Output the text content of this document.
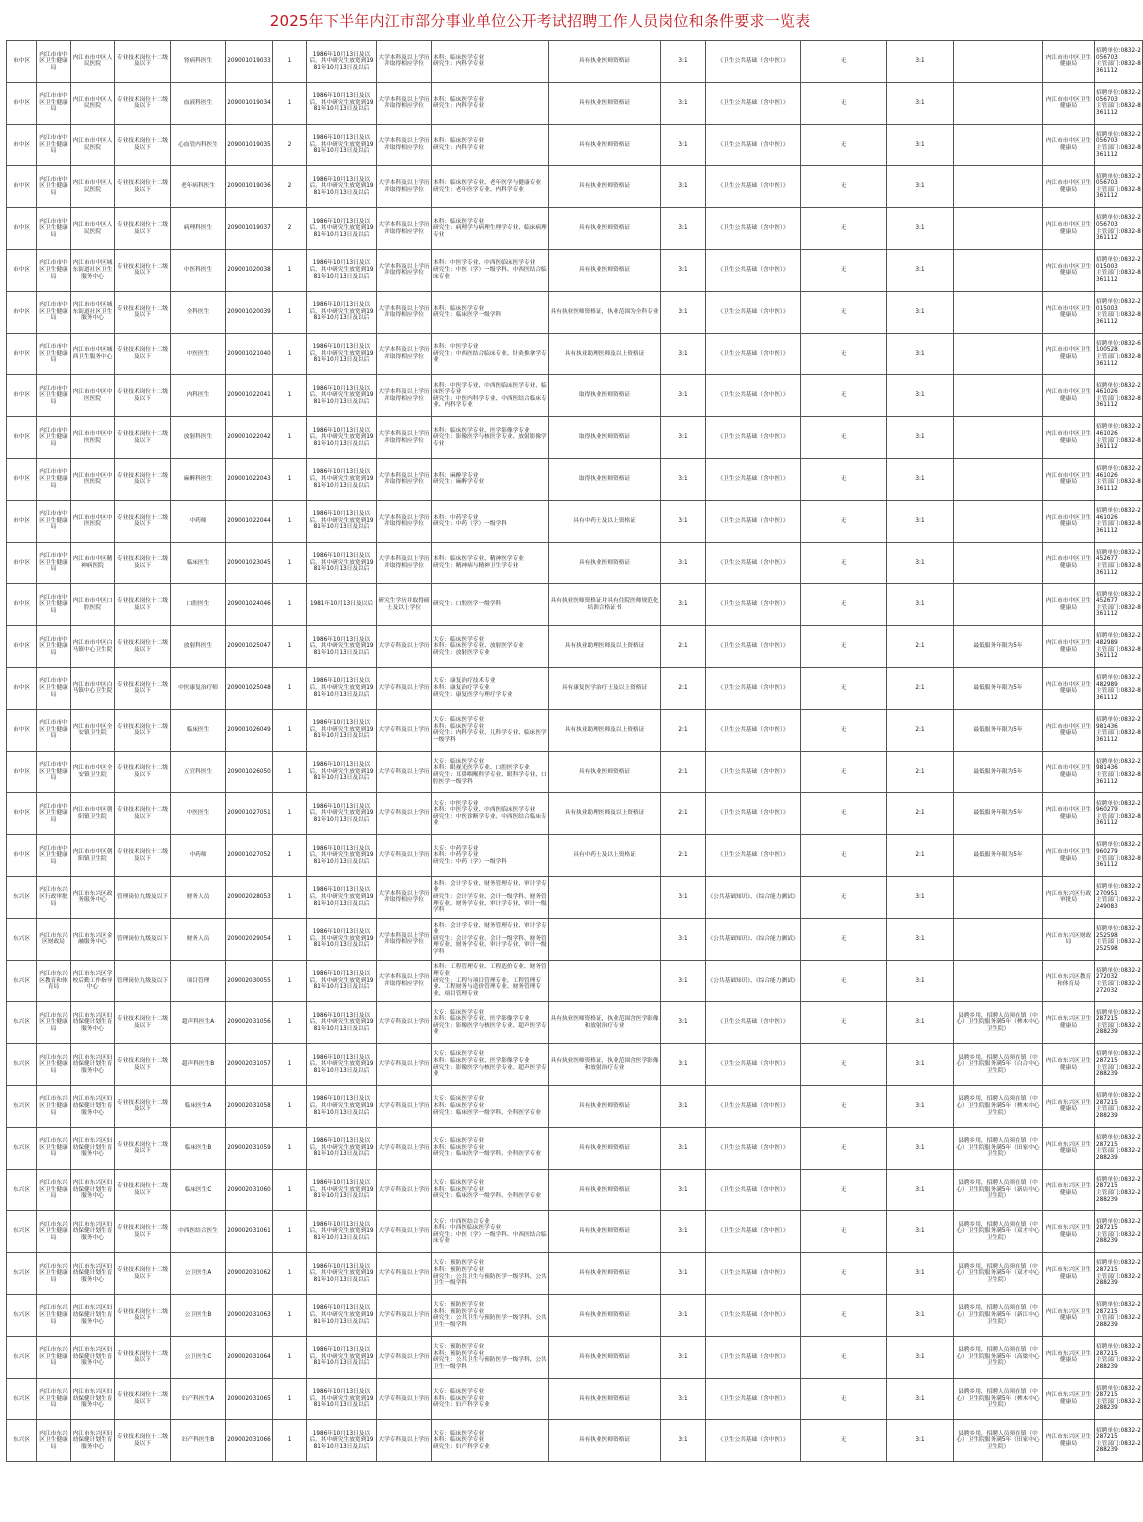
2025年下半年内江市部分事业单位公开考试招聘工作人员岗位和条件要求一览表
市中区	内江市市中区卫生健康局	内江市市中区人民医院	专业技术岗位十二级及以下	肾病科医生	209001019033	1	1986年10月13日及以后，其中研究生放宽到1981年10月13日及以后	大学本科及以上学历并取得相应学位	本科：临床医学专业
研究生：内科学专业	具有执业医师资格证	3:1	《卫生公共基础（含中医）》	无	3:1		内江市市中区卫生健康局	招聘单位:0832-2056703
主管部门:0832-8361112
市中区	内江市市中区卫生健康局	内江市市中区人民医院	专业技术岗位十二级及以下	血液科医生	209001019034	1	1986年10月13日及以后，其中研究生放宽到1981年10月13日及以后	大学本科及以上学历并取得相应学位	本科：临床医学专业
研究生：内科学专业	具有执业医师资格证	3:1	《卫生公共基础（含中医）》	无	3:1		内江市市中区卫生健康局	招聘单位:0832-2056703
主管部门:0832-8361112
市中区	内江市市中区卫生健康局	内江市市中区人民医院	专业技术岗位十二级及以下	心血管内科医生	209001019035	2	1986年10月13日及以后，其中研究生放宽到1981年10月13日及以后	大学本科及以上学历并取得相应学位	本科：临床医学专业
研究生：内科学专业	具有执业医师资格证	3:1	《卫生公共基础（含中医）》	无	3:1		内江市市中区卫生健康局	招聘单位:0832-2056703
主管部门:0832-8361112
市中区	内江市市中区卫生健康局	内江市市中区人民医院	专业技术岗位十二级及以下	老年病科医生	209001019036	2	1986年10月13日及以后，其中研究生放宽到1981年10月13日及以后	大学本科及以上学历并取得相应学位	本科：临床医学专业、老年医学与健康专业
研究生：老年医学专业、内科学专业	具有执业医师资格证	3:1	《卫生公共基础（含中医）》	无	3:1		内江市市中区卫生健康局	招聘单位:0832-2056703
主管部门:0832-8361112
市中区	内江市市中区卫生健康局	内江市市中区人民医院	专业技术岗位十二级及以下	病理科医生	209001019037	2	1986年10月13日及以后，其中研究生放宽到1981年10月13日及以后	大学本科及以上学历并取得相应学位	本科：临床医学专业
研究生：病理学与病理生理学专业、临床病理专业	具有执业医师资格证	3:1	《卫生公共基础（含中医）》	无	3:1		内江市市中区卫生健康局	招聘单位:0832-2056703
主管部门:0832-8361112
市中区	内江市市中区卫生健康局	内江市市中区城东街道社区卫生服务中心	专业技术岗位十二级及以下	中医科医生	209001020038	1	1986年10月13日及以后，其中研究生放宽到1981年10月13日及以后	大学本科及以上学历并取得相应学位	本科：中医学专业、中西医临床医学专业
研究生：中医（学）一级学科、中西医结合临床专业	具有执业医师资格证	3:1	《卫生公共基础（含中医）》	无	3:1		内江市市中区卫生健康局	招聘单位:0832-2015003
主管部门:0832-8361112
市中区	内江市市中区卫生健康局	内江市市中区城东街道社区卫生服务中心	专业技术岗位十二级及以下	全科医生	209001020039	1	1986年10月13日及以后，其中研究生放宽到1981年10月13日及以后	大学本科及以上学历并取得相应学位	本科：临床医学专业
研究生：临床医学一级学科	具有执业医师资格证，执业范围为全科专业	3:1	《卫生公共基础（含中医）》	无	3:1		内江市市中区卫生健康局	招聘单位:0832-2015003
主管部门:0832-8361112
市中区	内江市市中区卫生健康局	内江市市中区城西卫生服务中心	专业技术岗位十二级及以下	中医医生	209001021040	1	1986年10月13日及以后，其中研究生放宽到1981年10月13日及以后	大学本科及以上学历并取得相应学位	本科：中医学专业
研究生：中西医结合临床专业、针灸推拿学专业	具有执业助理医师及以上资格证	3:1	《卫生公共基础（含中医）》	无	3:1		内江市市中区卫生健康局	招聘单位:0832-6100528
主管部门:0832-8361112
市中区	内江市市中区卫生健康局	内江市市中区中医医院	专业技术岗位十二级及以下	内科医生	209001022041	1	1986年10月13日及以后，其中研究生放宽到1981年10月13日及以后	大学本科及以上学历并取得相应学位	本科：中医学专业、中西医临床医学专业、临床医学专业
研究生：中医内科学专业、中西医结合临床专业、内科学专业	取得执业医师资格证	3:1	《卫生公共基础（含中医）》	无	3:1		内江市市中区卫生健康局	招聘单位:0832-2461026
主管部门:0832-8361112
市中区	内江市市中区卫生健康局	内江市市中区中医医院	专业技术岗位十二级及以下	放射科医生	209001022042	1	1986年10月13日及以后，其中研究生放宽到1981年10月13日及以后	大学本科及以上学历并取得相应学位	本科：临床医学专业、医学影像学专业
研究生：影像医学与核医学专业、放射影像学专业	取得执业医师资格证	3:1	《卫生公共基础（含中医）》	无	3:1		内江市市中区卫生健康局	招聘单位:0832-2461026
主管部门:0832-8361112
市中区	内江市市中区卫生健康局	内江市市中区中医医院	专业技术岗位十二级及以下	麻醉科医生	209001022043	1	1986年10月13日及以后，其中研究生放宽到1981年10月13日及以后	大学本科及以上学历并取得相应学位	本科：麻醉学专业
研究生：麻醉学专业	取得执业医师资格证	3:1	《卫生公共基础（含中医）》	无	3:1		内江市市中区卫生健康局	招聘单位:0832-2461026
主管部门:0832-8361112
市中区	内江市市中区卫生健康局	内江市市中区中医医院	专业技术岗位十二级及以下	中药师	209001022044	1	1986年10月13日及以后，其中研究生放宽到1981年10月13日及以后	大学本科及以上学历并取得相应学位	本科：中药学专业
研究生：中药（学）一级学科	具有中药士及以上资格证	3:1	《卫生公共基础（含中医）》	无	3:1		内江市市中区卫生健康局	招聘单位:0832-2461026
主管部门:0832-8361112
市中区	内江市市中区卫生健康局	内江市市中区精神病医院	专业技术岗位十二级及以下	临床医生	209001023045	1	1986年10月13日及以后，其中研究生放宽到1981年10月13日及以后	大学本科及以上学历并取得相应学位	本科：临床医学专业、精神医学专业
研究生：精神病与精神卫生学专业	具有执业医师资格证	3:1	《卫生公共基础（含中医）》	无	3:1		内江市市中区卫生健康局	招聘单位:0832-2452677
主管部门:0832-8361112
市中区	内江市市中区卫生健康局	内江市市中区口腔医院	专业技术岗位十二级及以下	口腔医生	209001024046	1	1981年10月13日及以后	研究生学历并取得硕士及以上学位	研究生：口腔医学一级学科	具有执业医师资格证并具有住院医师规范化培训合格证书	3:1	《卫生公共基础（含中医）》	无	3:1		内江市市中区卫生健康局	招聘单位:0832-2452677
主管部门:0832-8361112
市中区	内江市市中区卫生健康局	内江市市中区白马镇中心卫生院	专业技术岗位十二级及以下	放射科医生	209001025047	1	1986年10月13日及以后，其中研究生放宽到1981年10月13日及以后	大学专科及以上学历	大专：临床医学专业
本科：临床医学专业、放射医学专业
研究生：放射医学专业	具有执业助理医师及以上资格证	2:1	《卫生公共基础（含中医）》	无	2:1	最低服务年限为5年	内江市市中区卫生健康局	招聘单位:0832-2482989
主管部门:0832-8361112
市中区	内江市市中区卫生健康局	内江市市中区白马镇中心卫生院	专业技术岗位十二级及以下	中医康复治疗师	209001025048	1	1986年10月13日及以后，其中研究生放宽到1981年10月13日及以后	大学专科及以上学历	大专：康复治疗技术专业
本科：康复治疗学专业
研究生：康复医学与理疗学专业	具有康复医学治疗士及以上资格证	2:1	《卫生公共基础（含中医）》	无	2:1	最低服务年限为5年	内江市市中区卫生健康局	招聘单位:0832-2482989
主管部门:0832-8361112
市中区	内江市市中区卫生健康局	内江市市中区全安镇卫生院	专业技术岗位十二级及以下	临床医生	209001026049	1	1986年10月13日及以后，其中研究生放宽到1981年10月13日及以后	大学专科及以上学历	大专：临床医学专业
本科：临床医学专业
研究生：内科学专业、儿科学专业、临床医学一级学科	具有执业助理医师及以上资格证	2:1	《卫生公共基础（含中医）》	无	2:1	最低服务年限为5年	内江市市中区卫生健康局	招聘单位:0832-2981436
主管部门:0832-8361112
市中区	内江市市中区卫生健康局	内江市市中区全安镇卫生院	专业技术岗位十二级及以下	五官科医生	209001026050	1	1986年10月13日及以后，其中研究生放宽到1981年10月13日及以后	大学专科及以上学历	大专：临床医学专业
本科：眼视光医学专业、口腔医学专业
研究生：耳鼻咽喉科学专业、眼科学专业、口腔医学一级学科	具有执业医师资格证	2:1	《卫生公共基础（含中医）》	无	2:1	最低服务年限为5年	内江市市中区卫生健康局	招聘单位:0832-2981436
主管部门:0832-8361112
市中区	内江市市中区卫生健康局	内江市市中区朝阳镇卫生院	专业技术岗位十二级及以下	中医医生	209001027051	1	1986年10月13日及以后，其中研究生放宽到1981年10月13日及以后	大学专科及以上学历	大专：中医学专业
本科：中医学专业、中西医临床医学专业
研究生：中医诊断学专业、中西医结合临床专业	具有执业助理医师及以上资格证	2:1	《卫生公共基础（含中医）》	无	2:1	最低服务年限为5年	内江市市中区卫生健康局	招聘单位:0832-2960279
主管部门:0832-8361112
市中区	内江市市中区卫生健康局	内江市市中区朝阳镇卫生院	专业技术岗位十二级及以下	中药师	209001027052	1	1986年10月13日及以后，其中研究生放宽到1981年10月13日及以后	大学专科及以上学历	大专：中药学专业
本科：中药学专业
研究生：中药（学）一级学科	具有中药士及以上资格证	2:1	《卫生公共基础（含中医）》	无	2:1	最低服务年限为5年	内江市市中区卫生健康局	招聘单位:0832-2960279
主管部门:0832-8361112
东兴区	内江市东兴区行政审批局	内江市东兴区政务服务中心	管理岗位九级及以下	财务人员	209002028053	1	1986年10月13日及以后，其中研究生放宽到1981年10月13日及以后	大学本科及以上学历并取得相应学位	本科：会计学专业、财务管理专业、审计学专业
研究生：会计学专业、会计一级学科、财务管理专业、财务学专业、审计学专业、审计一级学科		3:1	《公共基础知识》、《综合能力测试》	无	3:1		内江市东兴区行政审批局	招聘单位:0832-2270951
主管部门:0832-2249083
东兴区	内江市东兴区财政局	内江市东兴区金融服务中心	管理岗位九级及以下	财务人员	209002029054	1	1986年10月13日及以后，其中研究生放宽到1981年10月13日及以后	大学本科及以上学历并取得相应学位	本科：会计学专业、财务管理专业、审计学专业
研究生：会计学专业、会计一级学科、财务管理专业、财务学专业、审计学专业、审计一级学科		3:1	《公共基础知识》、《综合能力测试》	无	3:1		内江市东兴区财政局	招聘单位:0832-2252598
主管部门:0832-2252598
东兴区	内江市东兴区教育和体育局	内江市东兴区学校后勤工作指导中心	管理岗位九级及以下	项目管理	209002030055	1	1986年10月13日及以后，其中研究生放宽到1981年10月13日及以后	大学本科及以上学历并取得相应学位	本科：工程管理专业、工程造价专业、财务管理专业
研究生：工程与项目管理专业、工程管理专业、工程财务与造价管理专业、财务管理专业、项目管理专业		3:1	《公共基础知识》、《综合能力测试》	无	3:1		内江市东兴区教育和体育局	招聘单位:0832-2272032
主管部门:0832-2272032
东兴区	内江市东兴区卫生健康局	内江市东兴区妇幼保健计划生育服务中心	专业技术岗位十二级及以下	超声科医生A	209002031056	1	1986年10月13日及以后，其中研究生放宽到1981年10月13日及以后	大学专科及以上学历	大专：临床医学专业
本科：临床医学专业、医学影像学专业
研究生：影像医学与核医学专业、超声医学专业	具有执业医师资格证，执业范围含医学影像和放射治疗专业	3:1	《卫生公共基础（含中医）》	无	3:1	县聘乡用，招聘人员须在镇（中心）卫生院服务满5年（椑木中心卫生院）	内江市东兴区卫生健康局	招聘单位:0832-2287215
主管部门:0832-2288239
东兴区	内江市东兴区卫生健康局	内江市东兴区妇幼保健计划生育服务中心	专业技术岗位十二级及以下	超声科医生B	209002031057	1	1986年10月13日及以后，其中研究生放宽到1981年10月13日及以后	大学专科及以上学历	大专：临床医学专业
本科：临床医学专业、医学影像学专业
研究生：影像医学与核医学专业、超声医学专业	具有执业医师资格证，执业范围含医学影像和放射治疗专业	3:1	《卫生公共基础（含中医）》	无	3:1	县聘乡用，招聘人员须在镇（中心）卫生院服务满5年（白合中心卫生院）	内江市东兴区卫生健康局	招聘单位:0832-2287215
主管部门:0832-2288239
东兴区	内江市东兴区卫生健康局	内江市东兴区妇幼保健计划生育服务中心	专业技术岗位十二级及以下	临床医生A	209002031058	1	1986年10月13日及以后，其中研究生放宽到1981年10月13日及以后	大学专科及以上学历	大专：临床医学专业
本科：临床医学专业
研究生：临床医学一级学科、全科医学专业	具有执业医师资格证	3:1	《卫生公共基础（含中医）》	无	3:1	县聘乡用，招聘人员须在镇（中心）卫生院服务满5年（椑木中心卫生院）	内江市东兴区卫生健康局	招聘单位:0832-2287215
主管部门:0832-2288239
东兴区	内江市东兴区卫生健康局	内江市东兴区妇幼保健计划生育服务中心	专业技术岗位十二级及以下	临床医生B	209002031059	1	1986年10月13日及以后，其中研究生放宽到1981年10月13日及以后	大学专科及以上学历	大专：临床医学专业
本科：临床医学专业
研究生：临床医学一级学科、全科医学专业	具有执业医师资格证	3:1	《卫生公共基础（含中医）》	无	3:1	县聘乡用，招聘人员须在镇（中心）卫生院服务满5年（田家中心卫生院）	内江市东兴区卫生健康局	招聘单位:0832-2287215
主管部门:0832-2288239
东兴区	内江市东兴区卫生健康局	内江市东兴区妇幼保健计划生育服务中心	专业技术岗位十二级及以下	临床医生C	209002031060	1	1986年10月13日及以后，其中研究生放宽到1981年10月13日及以后	大学专科及以上学历	大专：临床医学专业
本科：临床医学专业
研究生：临床医学一级学科、全科医学专业	具有执业医师资格证	3:1	《卫生公共基础（含中医）》	无	3:1	县聘乡用，招聘人员须在镇（中心）卫生院服务满5年（新店中心卫生院）	内江市东兴区卫生健康局	招聘单位:0832-2287215
主管部门:0832-2288239
东兴区	内江市东兴区卫生健康局	内江市东兴区妇幼保健计划生育服务中心	专业技术岗位十二级及以下	中西医结合医生	209002031061	1	1986年10月13日及以后，其中研究生放宽到1981年10月13日及以后	大学专科及以上学历	大专：中西医结合专业
本科：中西医临床医学专业
研究生：中医（学）一级学科、中西医结合临床专业	具有执业医师资格证	3:1	《卫生公共基础（含中医）》	无	3:1	县聘乡用，招聘人员须在镇（中心）卫生院服务满5年（双才中心卫生院）	内江市东兴区卫生健康局	招聘单位:0832-2287215
主管部门:0832-2288239
东兴区	内江市东兴区卫生健康局	内江市东兴区妇幼保健计划生育服务中心	专业技术岗位十二级及以下	公卫医生A	209002031062	1	1986年10月13日及以后，其中研究生放宽到1981年10月13日及以后	大学专科及以上学历	大专：预防医学专业
本科：预防医学专业
研究生：公共卫生与预防医学一级学科、公共卫生一级学科	具有执业医师资格证	3:1	《卫生公共基础（含中医）》	无	3:1	县聘乡用，招聘人员须在镇（中心）卫生院服务满5年（双才中心卫生院）	内江市东兴区卫生健康局	招聘单位:0832-2287215
主管部门:0832-2288239
东兴区	内江市东兴区卫生健康局	内江市东兴区妇幼保健计划生育服务中心	专业技术岗位十二级及以下	公卫医生B	209002031063	1	1986年10月13日及以后，其中研究生放宽到1981年10月13日及以后	大学专科及以上学历	大专：预防医学专业
本科：预防医学专业
研究生：公共卫生与预防医学一级学科、公共卫生一级学科	具有执业医师资格证	3:1	《卫生公共基础（含中医）》	无	3:1	县聘乡用，招聘人员须在镇（中心）卫生院服务满5年（新江中心卫生院）	内江市东兴区卫生健康局	招聘单位:0832-2287215
主管部门:0832-2288239
东兴区	内江市东兴区卫生健康局	内江市东兴区妇幼保健计划生育服务中心	专业技术岗位十二级及以下	公卫医生C	209002031064	1	1986年10月13日及以后，其中研究生放宽到1981年10月13日及以后	大学专科及以上学历	大专：预防医学专业
本科：预防医学专业
研究生：公共卫生与预防医学一级学科、公共卫生一级学科	具有执业医师资格证	3:1	《卫生公共基础（含中医）》	无	3:1	县聘乡用，招聘人员须在镇（中心）卫生院服务满5年（高梁中心卫生院）	内江市东兴区卫生健康局	招聘单位:0832-2287215
主管部门:0832-2288239
东兴区	内江市东兴区卫生健康局	内江市东兴区妇幼保健计划生育服务中心	专业技术岗位十二级及以下	妇产科医生A	209002031065	1	1986年10月13日及以后，其中研究生放宽到1981年10月13日及以后	大学专科及以上学历	大专：临床医学专业
本科：临床医学专业
研究生：妇产科学专业	具有执业医师资格证	3:1	《卫生公共基础（含中医）》	无	3:1	县聘乡用，招聘人员须在镇（中心）卫生院服务满5年（椑木中心卫生院）	内江市东兴区卫生健康局	招聘单位:0832-2287215
主管部门:0832-2288239
东兴区	内江市东兴区卫生健康局	内江市东兴区妇幼保健计划生育服务中心	专业技术岗位十二级及以下	妇产科医生B	209002031066	1	1986年10月13日及以后，其中研究生放宽到1981年10月13日及以后	大学专科及以上学历	大专：临床医学专业
本科：临床医学专业
研究生：妇产科学专业	具有执业医师资格证	3:1	《卫生公共基础（含中医）》	无	3:1	县聘乡用，招聘人员须在镇（中心）卫生院服务满5年（田家中心卫生院）	内江市东兴区卫生健康局	招聘单位:0832-2287215
主管部门:0832-2288239
